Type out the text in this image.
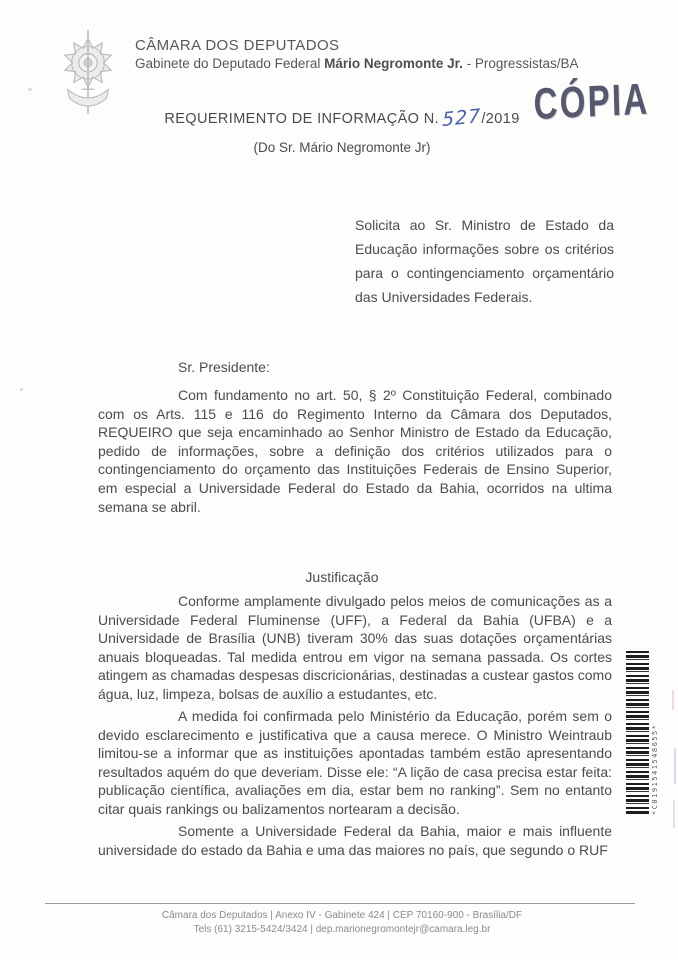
CÂMARA DOS DEPUTADOS
Gabinete do Deputado Federal Mário Negromonte Jr. - Progressistas/BA
REQUERIMENTO DE INFORMAÇÃO N. 527/2019 CÓPIA
(Do Sr. Mário Negromonte Jr)

Solicita ao Sr. Ministro de Estado da Educação informações sobre os critérios para o contingenciamento orçamentário das Universidades Federais.

Sr. Presidente:

Com fundamento no art. 50, § 2º Constituição Federal, combinado com os Arts. 115 e 116 do Regimento Interno da Câmara dos Deputados, REQUEIRO que seja encaminhado ao Senhor Ministro de Estado da Educação, pedido de informações, sobre a definição dos critérios utilizados para o contingenciamento do orçamento das Instituições Federais de Ensino Superior, em especial a Universidade Federal do Estado da Bahia, ocorridos na ultima semana se abril.

Justificação

Conforme amplamente divulgado pelos meios de comunicações as a Universidade Federal Fluminense (UFF), a Federal da Bahia (UFBA) e a Universidade de Brasília (UNB) tiveram 30% das suas dotações orçamentárias anuais bloqueadas. Tal medida entrou em vigor na semana passada. Os cortes atingem as chamadas despesas discricionárias, destinadas a custear gastos como água, luz, limpeza, bolsas de auxílio a estudantes, etc.

A medida foi confirmada pelo Ministério da Educação, porém sem o devido esclarecimento e justificativa que a causa merece. O Ministro Weintraub limitou-se a informar que as instituições apontadas também estão apresentando resultados aquém do que deveriam. Disse ele: “A lição de casa precisa estar feita: publicação científica, avaliações em dia, estar bem no ranking”. Sem no entanto citar quais rankings ou balizamentos nortearam a decisão.

Somente a Universidade Federal da Bahia, maior e mais influente universidade do estado da Bahia e uma das maiores no país, que segundo o RUF

*C0191541548655*
Câmara dos Deputados | Anexo IV - Gabinete 424 | CEP 70160-900 - Brasília/DF
Tels (61) 3215-5424/3424 | dep.marionegromontejr@camara.leg.br
